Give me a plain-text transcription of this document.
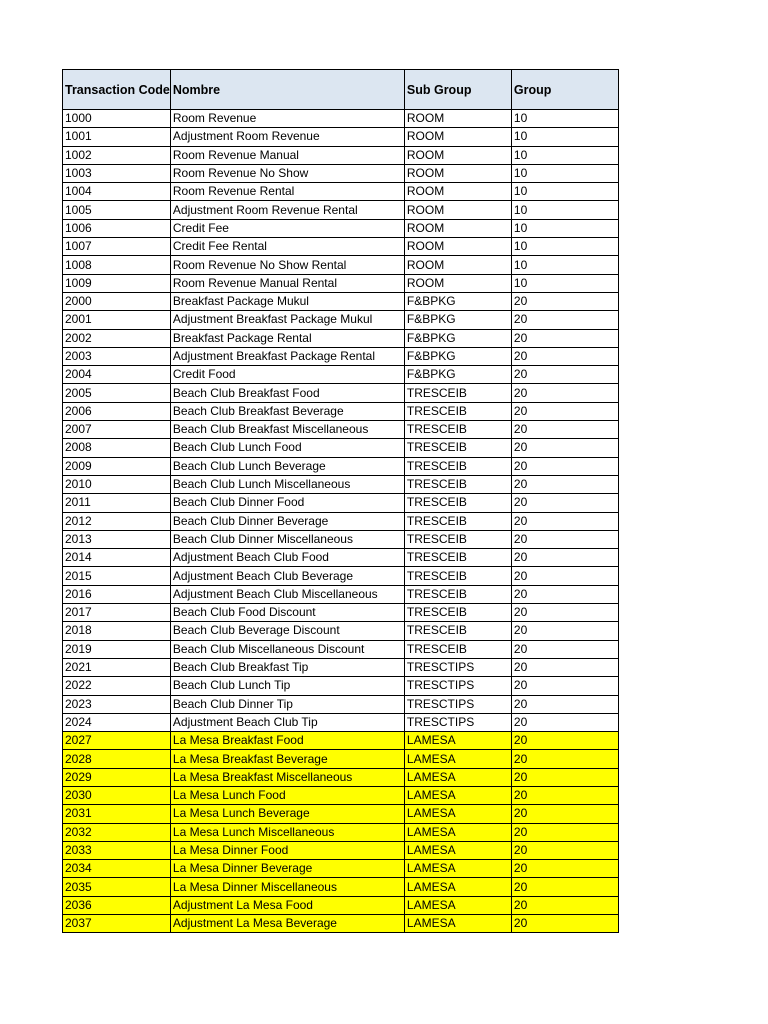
Transaction Code	Nombre	Sub Group	Group
1000	Room Revenue	ROOM	10
1001	Adjustment Room Revenue	ROOM	10
1002	Room Revenue Manual	ROOM	10
1003	Room Revenue No Show	ROOM	10
1004	Room Revenue Rental	ROOM	10
1005	Adjustment Room Revenue Rental	ROOM	10
1006	Credit Fee	ROOM	10
1007	Credit Fee Rental	ROOM	10
1008	Room Revenue No Show Rental	ROOM	10
1009	Room Revenue Manual Rental	ROOM	10
2000	Breakfast Package Mukul	F&BPKG	20
2001	Adjustment Breakfast Package Mukul	F&BPKG	20
2002	Breakfast Package Rental	F&BPKG	20
2003	Adjustment Breakfast Package Rental	F&BPKG	20
2004	Credit Food	F&BPKG	20
2005	Beach Club Breakfast Food	TRESCEIB	20
2006	Beach Club Breakfast Beverage	TRESCEIB	20
2007	Beach Club Breakfast Miscellaneous	TRESCEIB	20
2008	Beach Club Lunch Food	TRESCEIB	20
2009	Beach Club Lunch Beverage	TRESCEIB	20
2010	Beach Club Lunch Miscellaneous	TRESCEIB	20
2011	Beach Club Dinner Food	TRESCEIB	20
2012	Beach Club Dinner Beverage	TRESCEIB	20
2013	Beach Club Dinner Miscellaneous	TRESCEIB	20
2014	Adjustment Beach Club Food	TRESCEIB	20
2015	Adjustment Beach Club Beverage	TRESCEIB	20
2016	Adjustment Beach Club Miscellaneous	TRESCEIB	20
2017	Beach Club Food Discount	TRESCEIB	20
2018	Beach Club Beverage Discount	TRESCEIB	20
2019	Beach Club Miscellaneous Discount	TRESCEIB	20
2021	Beach Club Breakfast Tip	TRESCTIPS	20
2022	Beach Club Lunch Tip	TRESCTIPS	20
2023	Beach Club Dinner Tip	TRESCTIPS	20
2024	Adjustment Beach Club Tip	TRESCTIPS	20
2027	La Mesa Breakfast Food	LAMESA	20
2028	La Mesa Breakfast Beverage	LAMESA	20
2029	La Mesa Breakfast Miscellaneous	LAMESA	20
2030	La Mesa Lunch Food	LAMESA	20
2031	La Mesa Lunch Beverage	LAMESA	20
2032	La Mesa Lunch Miscellaneous	LAMESA	20
2033	La Mesa Dinner Food	LAMESA	20
2034	La Mesa Dinner Beverage	LAMESA	20
2035	La Mesa Dinner Miscellaneous	LAMESA	20
2036	Adjustment La Mesa Food	LAMESA	20
2037	Adjustment La Mesa Beverage	LAMESA	20
